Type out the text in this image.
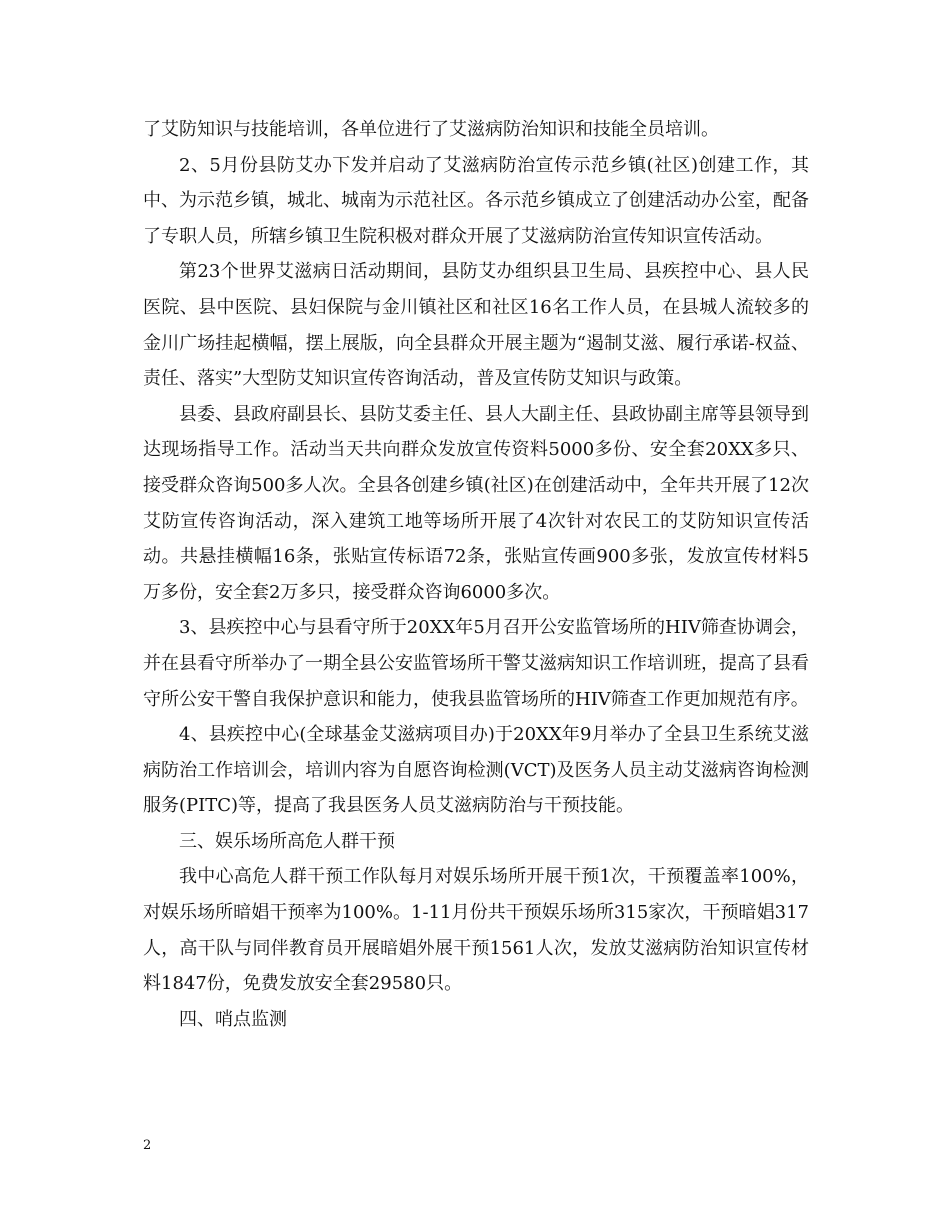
了艾防知识与技能培训，各单位进行了艾滋病防治知识和技能全员培训。

2、5月份县防艾办下发并启动了艾滋病防治宣传示范乡镇(社区)创建工作，其中、为示范乡镇，城北、城南为示范社区。各示范乡镇成立了创建活动办公室，配备了专职人员，所辖乡镇卫生院积极对群众开展了艾滋病防治宣传知识宣传活动。

第23个世界艾滋病日活动期间，县防艾办组织县卫生局、县疾控中心、县人民医院、县中医院、县妇保院与金川镇社区和社区16名工作人员，在县城人流较多的金川广场挂起横幅，摆上展版，向全县群众开展主题为“遏制艾滋、履行承诺-权益、责任、落实”大型防艾知识宣传咨询活动，普及宣传防艾知识与政策。

县委、县政府副县长、县防艾委主任、县人大副主任、县政协副主席等县领导到达现场指导工作。活动当天共向群众发放宣传资料5000多份、安全套20XX多只、接受群众咨询500多人次。全县各创建乡镇(社区)在创建活动中，全年共开展了12次艾防宣传咨询活动，深入建筑工地等场所开展了4次针对农民工的艾防知识宣传活动。共悬挂横幅16条，张贴宣传标语72条，张贴宣传画900多张，发放宣传材料5万多份，安全套2万多只，接受群众咨询6000多次。

3、县疾控中心与县看守所于20XX年5月召开公安监管场所的HIV筛查协调会，并在县看守所举办了一期全县公安监管场所干警艾滋病知识工作培训班，提高了县看守所公安干警自我保护意识和能力，使我县监管场所的HIV筛查工作更加规范有序。

4、县疾控中心(全球基金艾滋病项目办)于20XX年9月举办了全县卫生系统艾滋病防治工作培训会，培训内容为自愿咨询检测(VCT)及医务人员主动艾滋病咨询检测服务(PITC)等，提高了我县医务人员艾滋病防治与干预技能。

三、娱乐场所高危人群干预

我中心高危人群干预工作队每月对娱乐场所开展干预1次，干预覆盖率100%，对娱乐场所暗娼干预率为100%。1-11月份共干预娱乐场所315家次，干预暗娼317人，高干队与同伴教育员开展暗娼外展干预1561人次，发放艾滋病防治知识宣传材料1847份，免费发放安全套29580只。

四、哨点监测

2
